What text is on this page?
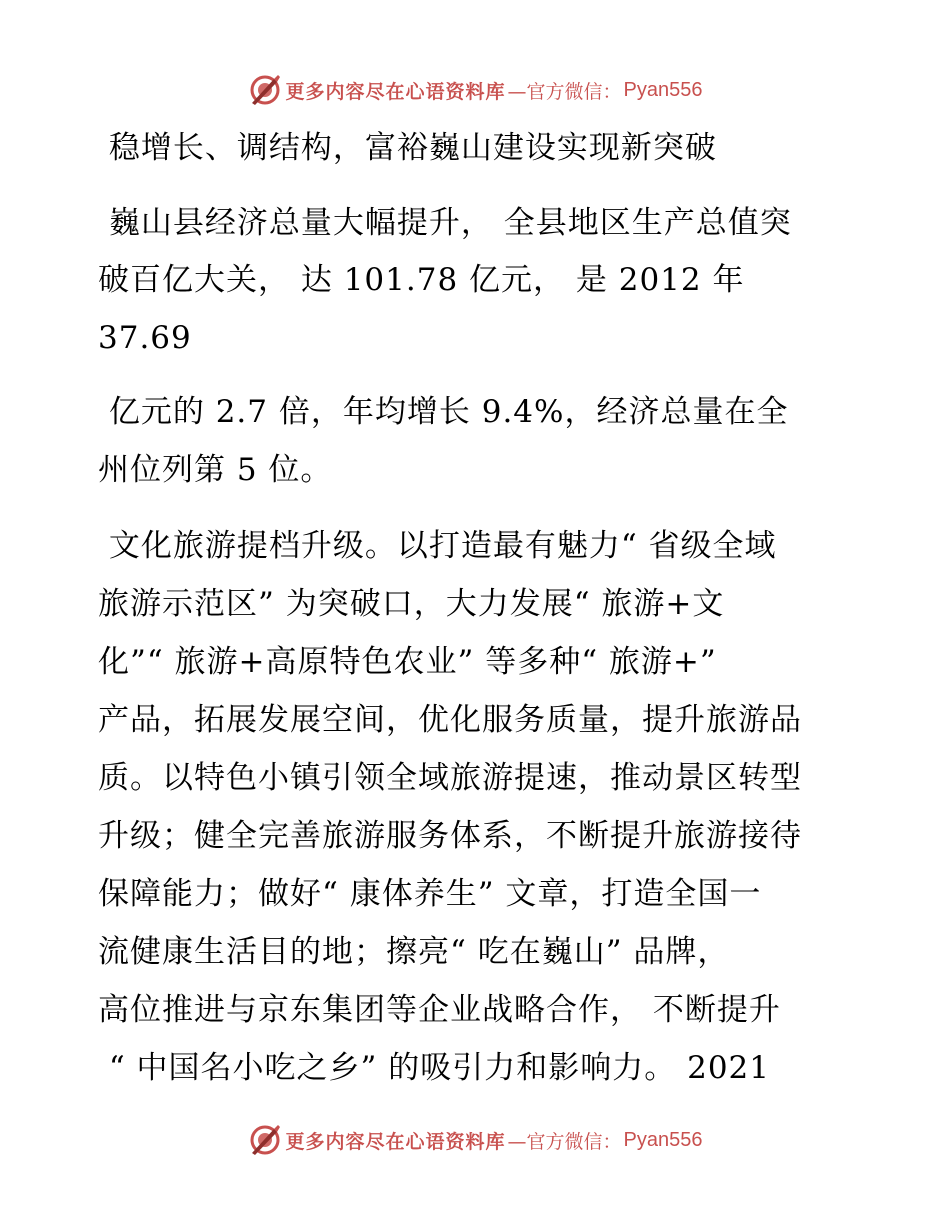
更多内容尽在心语资料库 —官方微信： Pyan556
稳增长、调结构，富裕巍山建设实现新突破
巍山县经济总量大幅提升， 全县地区生产总值突
破百亿大关， 达 101.78 亿元， 是 2012 年
37.69
亿元的 2.7 倍，年均增长 9.4%，经济总量在全
州位列第 5 位。
文化旅游提档升级。以打造最有魅力“ 省级全域
旅游示范区” 为突破口，大力发展“ 旅游+文
化”“ 旅游+高原特色农业” 等多种“ 旅游+”
产品，拓展发展空间，优化服务质量，提升旅游品
质。以特色小镇引领全域旅游提速，推动景区转型
升级；健全完善旅游服务体系，不断提升旅游接待
保障能力；做好“ 康体养生” 文章，打造全国一
流健康生活目的地；擦亮“ 吃在巍山” 品牌，
高位推进与京东集团等企业战略合作， 不断提升
“ 中国名小吃之乡” 的吸引力和影响力。 2021
更多内容尽在心语资料库 —官方微信： Pyan556
